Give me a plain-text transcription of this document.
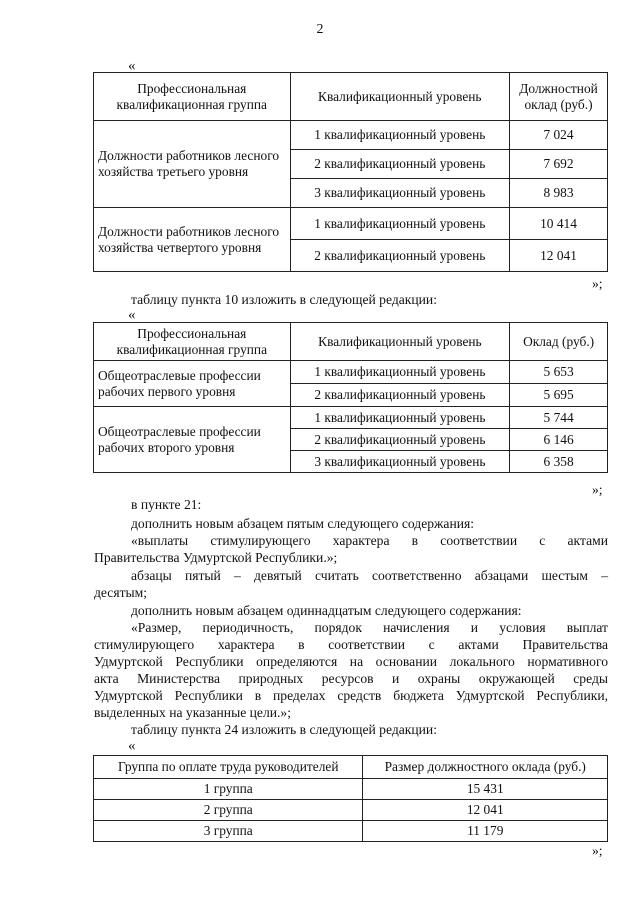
2
«
Профессиональная квалификационная группа	Квалификационный уровень	Должностной оклад (руб.)
Должности работников лесного хозяйства третьего уровня	1 квалификационный уровень	7 024
	2 квалификационный уровень	7 692
	3 квалификационный уровень	8 983
Должности работников лесного хозяйства четвертого уровня	1 квалификационный уровень	10 414
	2 квалификационный уровень	12 041
»;
таблицу пункта 10 изложить в следующей редакции:
«
Профессиональная квалификационная группа	Квалификационный уровень	Оклад (руб.)
Общеотраслевые профессии рабочих первого уровня	1 квалификационный уровень	5 653
	2 квалификационный уровень	5 695
Общеотраслевые профессии рабочих второго уровня	1 квалификационный уровень	5 744
	2 квалификационный уровень	6 146
	3 квалификационный уровень	6 358
»;
в пункте 21:
дополнить новым абзацем пятым следующего содержания:
«выплаты стимулирующего характера в соответствии с актами
Правительства Удмуртской Республики.»;
абзацы пятый – девятый считать соответственно абзацами шестым –
десятым;
дополнить новым абзацем одиннадцатым следующего содержания:
«Размер, периодичность, порядок начисления и условия выплат
стимулирующего характера в соответствии с актами Правительства
Удмуртской Республики определяются на основании локального нормативного
акта Министерства природных ресурсов и охраны окружающей среды
Удмуртской Республики в пределах средств бюджета Удмуртской Республики,
выделенных на указанные цели.»;
таблицу пункта 24 изложить в следующей редакции:
«
Группа по оплате труда руководителей	Размер должностного оклада (руб.)
1 группа	15 431
2 группа	12 041
3 группа	11 179
»;
